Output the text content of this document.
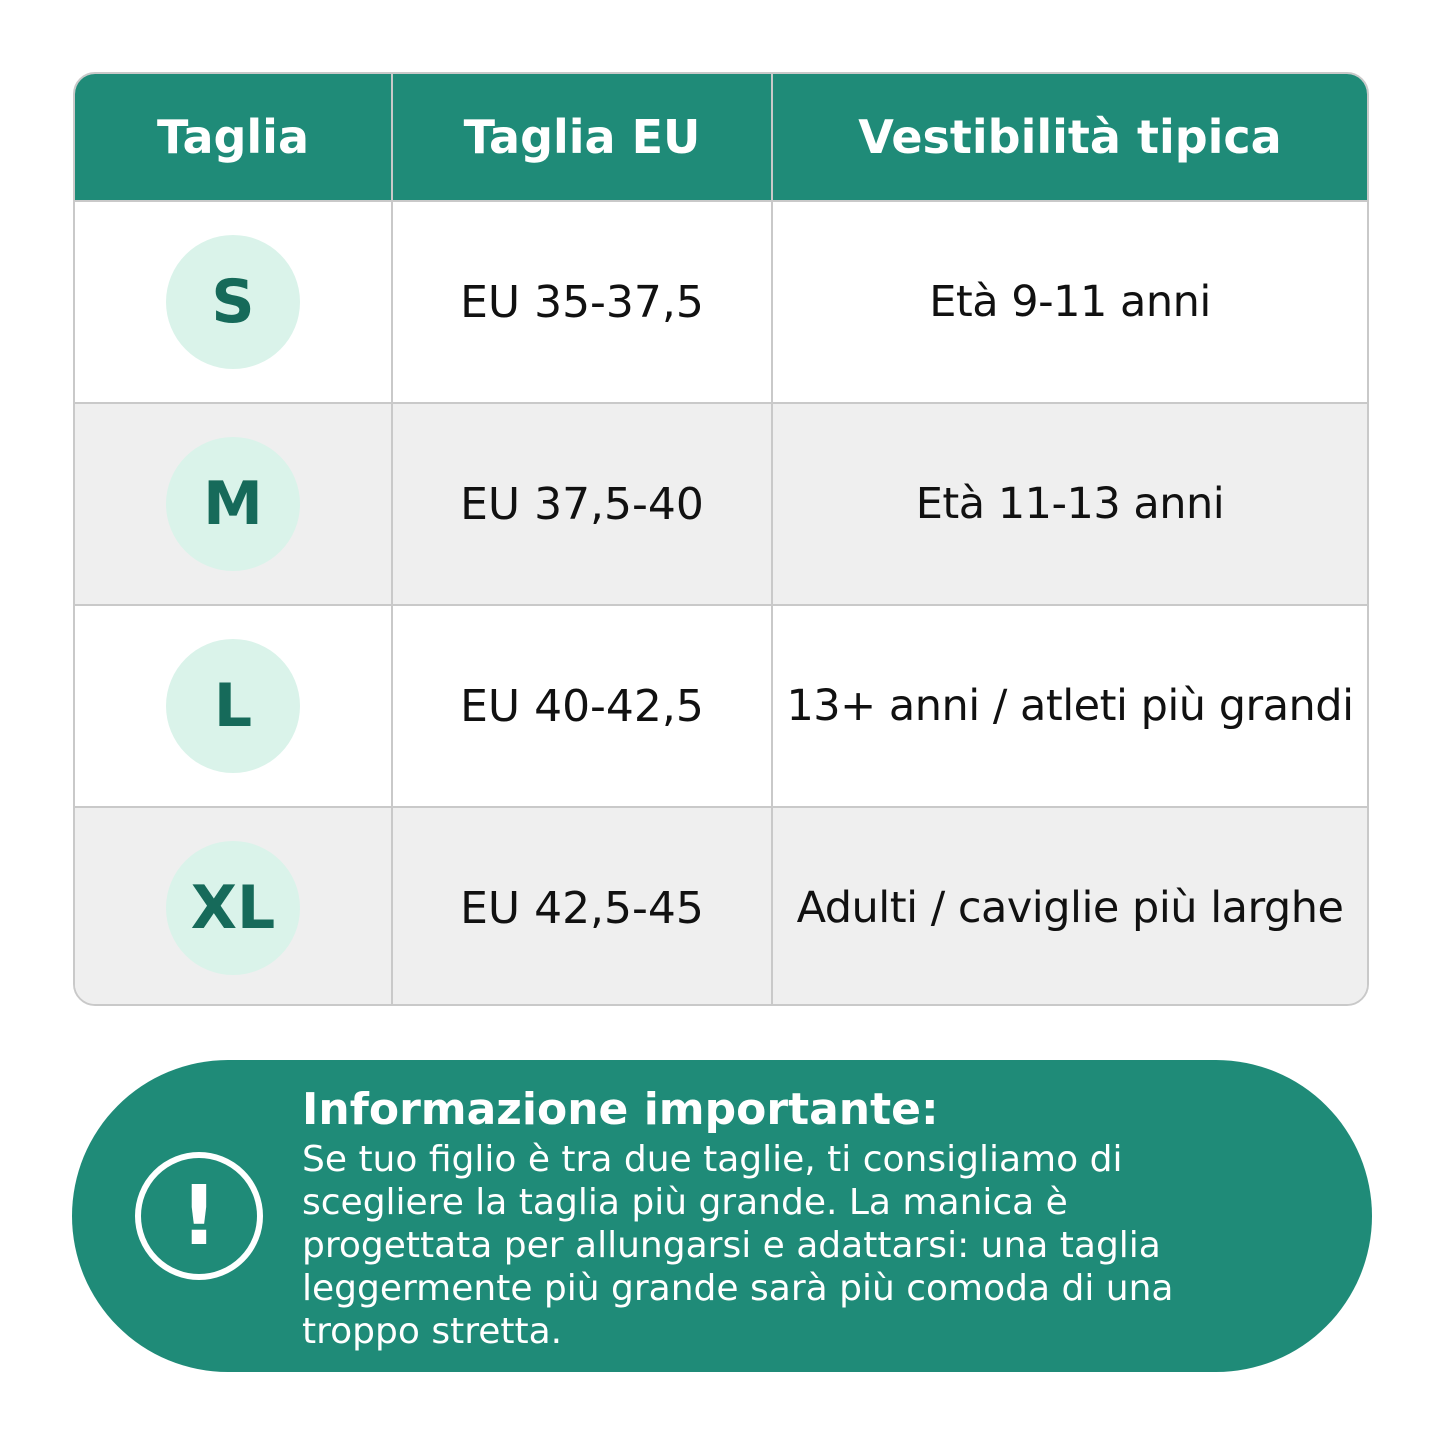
Taglia	Taglia EU	Vestibilità tipica
S	EU 35-37,5	Età 9-11 anni
M	EU 37,5-40	Età 11-13 anni
L	EU 40-42,5	13+ anni / atleti più grandi
XL	EU 42,5-45	Adulti / caviglie più larghe
!

Informazione importante:

Se tuo figlio è tra due taglie, ti consigliamo di

scegliere la taglia più grande. La manica è

progettata per allungarsi e adattarsi: una taglia

leggermente più grande sarà più comoda di una

troppo stretta.
